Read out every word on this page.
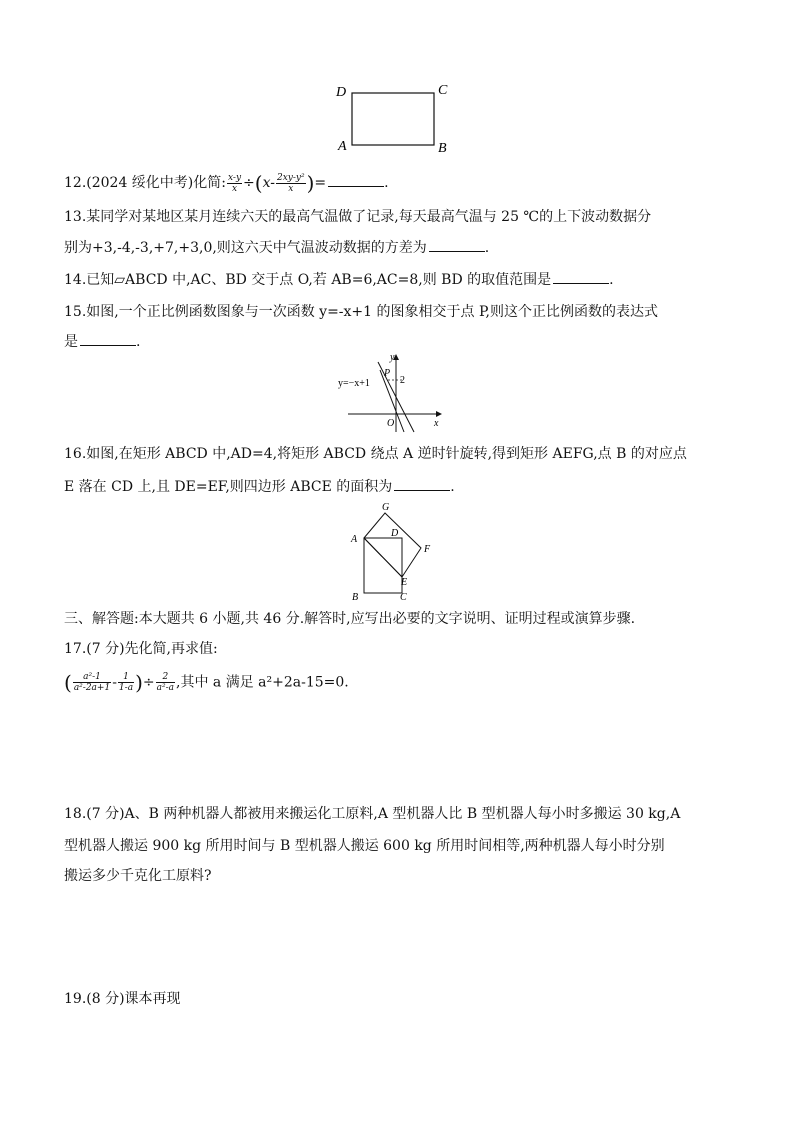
D	C
A	B
12.(2024 绥化中考)化简: $\frac{x-y}{x} \div(x- \frac{\text{2xy-y²}}{x}$ )=	.
13.某同学对某地区某月连续六天的最高气温做了记录,每天最高气温与 25 ℃的上下波动数据分
别为+3,-4,-3,+7,+3,0,则这六天中气温波动数据的方差为	.
14.已知▱ABCD 中,AC、BD 交于点 O,若 AB=6,AC=8,则 BD 的取值范围是	.
15.如图,一个正比例函数图象与一次函数 y=-x+1 的图象相交于点 P,则这个正比例函数的表达式
是	.
y=−x+1
P
2
y
x
O
16.如图,在矩形 ABCD 中,AD=4,将矩形 ABCD 绕点 A 逆时针旋转,得到矩形 AEFG,点 B 的对应点
E 落在 CD 上,且 DE=EF,则四边形 ABCE 的面积为	.
G
A
D
F
E
B	C
三、解答题:本大题共 6 小题,共 46 分.解答时,应写出必要的文字说明、证明过程或演算步骤.
17.(7 分)先化简,再求值:
( $\frac{\text{a²-1}}{\text{a²-2a+1}} - \frac{1}{1-a}$ )÷ $\frac{2}{\text{a²-a}}$ ,其中 a 满足 a²+2a-15=0.
18.(7 分)A、B 两种机器人都被用来搬运化工原料,A 型机器人比 B 型机器人每小时多搬运 30 kg,A
型机器人搬运 900 kg 所用时间与 B 型机器人搬运 600 kg 所用时间相等,两种机器人每小时分别
搬运多少千克化工原料?
19.(8 分)课本再现
